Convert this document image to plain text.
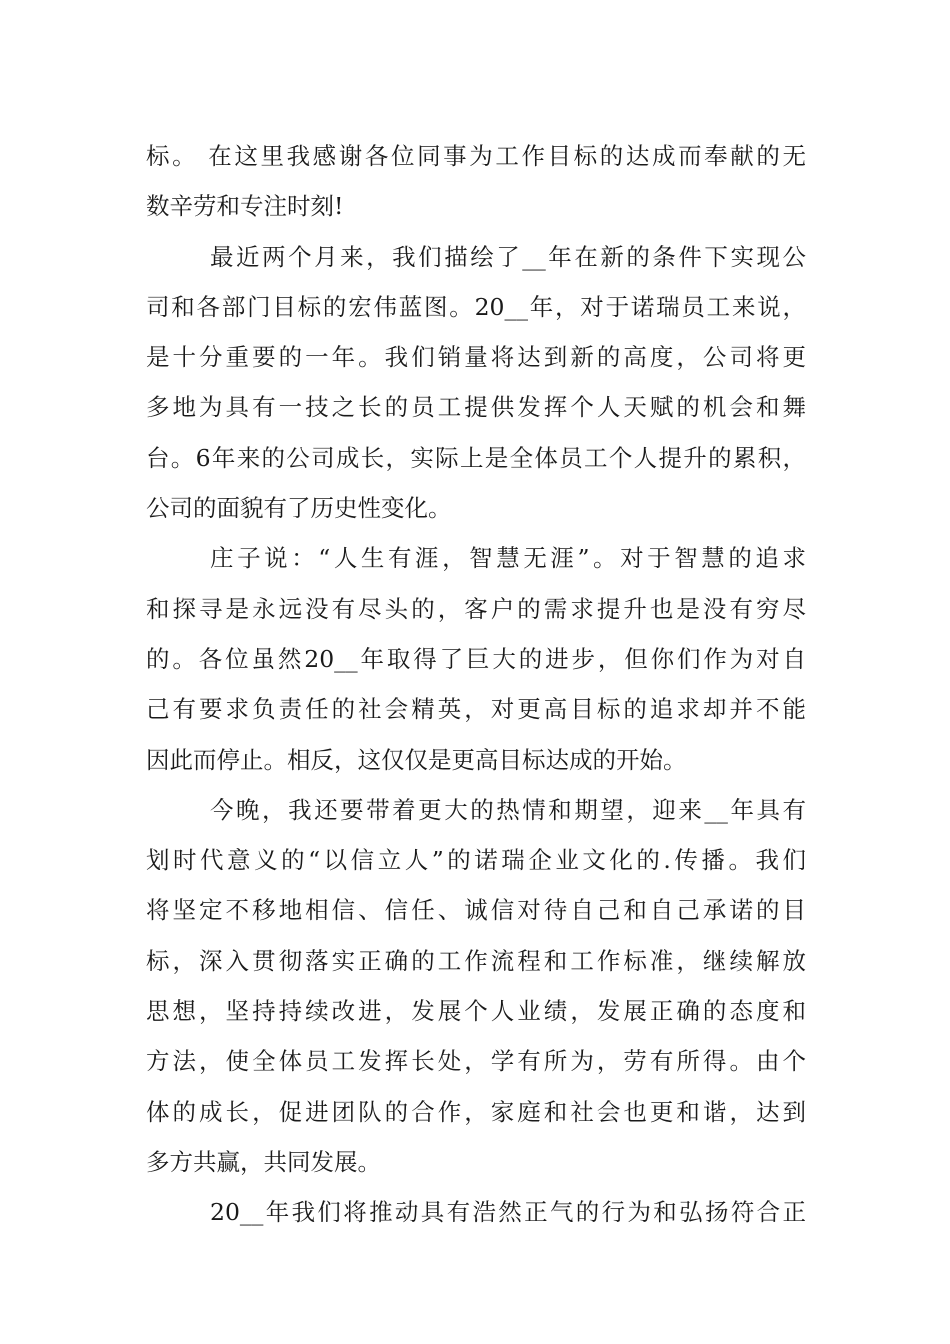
标。 在这里我感谢各位同事为工作目标的达成而奉献的无
数辛劳和专注时刻!
最近两个月来，我们描绘了__年在新的条件下实现公
司和各部门目标的宏伟蓝图。20__年，对于诺瑞员工来说，
是十分重要的一年。我们销量将达到新的高度，公司将更
多地为具有一技之长的员工提供发挥个人天赋的机会和舞
台。6年来的公司成长，实际上是全体员工个人提升的累积，
公司的面貌有了历史性变化。
庄子说：“人生有涯，智慧无涯”。对于智慧的追求
和探寻是永远没有尽头的，客户的需求提升也是没有穷尽
的。各位虽然20__年取得了巨大的进步，但你们作为对自
己有要求负责任的社会精英，对更高目标的追求却并不能
因此而停止。相反，这仅仅是更高目标达成的开始。
今晚，我还要带着更大的热情和期望，迎来__年具有
划时代意义的“以信立人”的诺瑞企业文化的.传播。我们
将坚定不移地相信、信任、诚信对待自己和自己承诺的目
标，深入贯彻落实正确的工作流程和工作标准，继续解放
思想，坚持持续改进，发展个人业绩，发展正确的态度和
方法，使全体员工发挥长处，学有所为，劳有所得。由个
体的成长，促进团队的合作，家庭和社会也更和谐，达到
多方共赢，共同发展。
20__年我们将推动具有浩然正气的行为和弘扬符合正
